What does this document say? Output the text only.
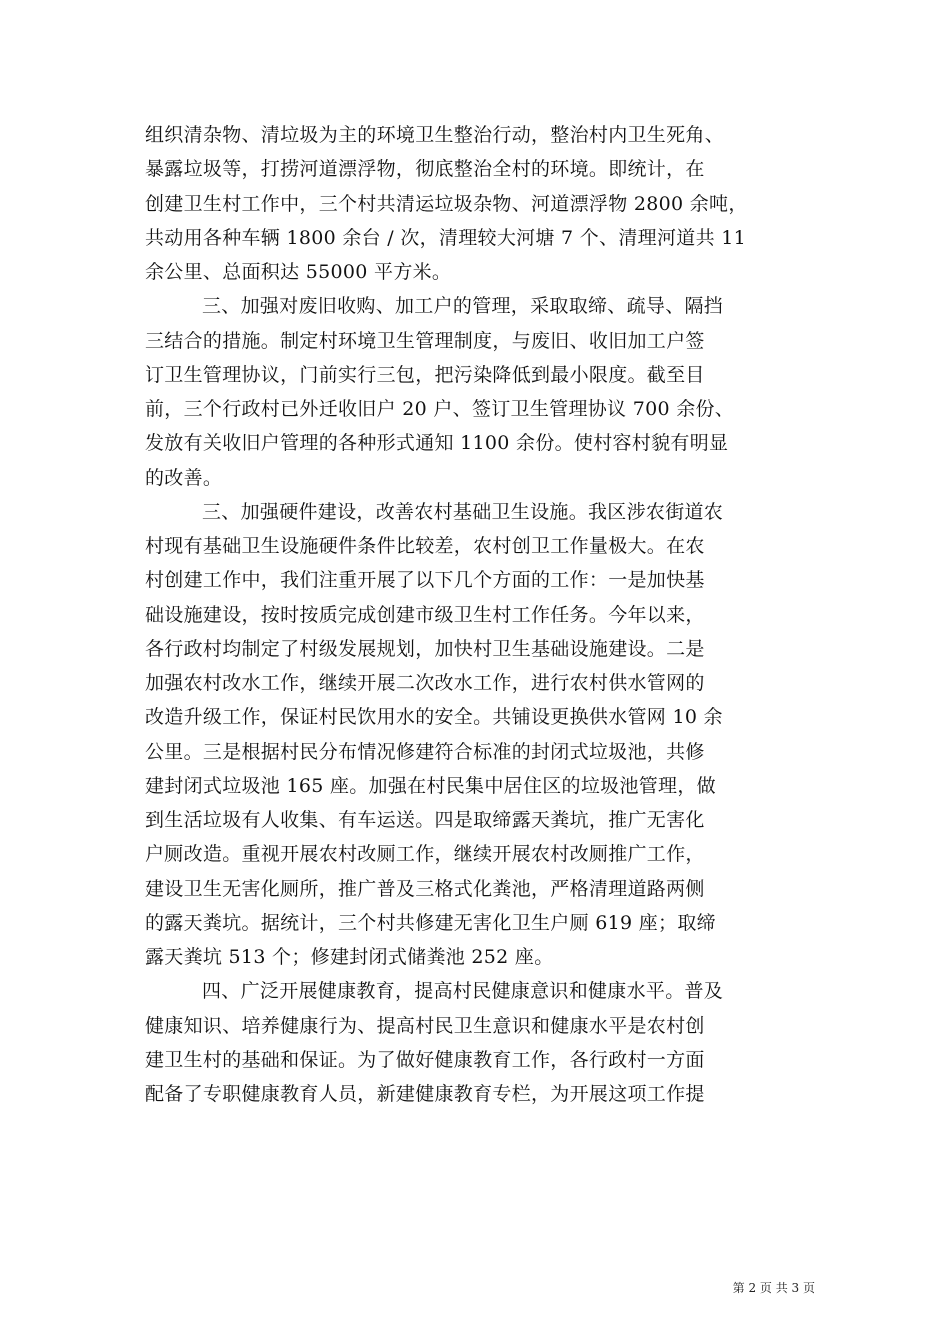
组织清杂物、清垃圾为主的环境卫生整治行动，整治村内卫生死角、
暴露垃圾等，打捞河道漂浮物，彻底整治全村的环境。即统计，在
创建卫生村工作中，三个村共清运垃圾杂物、河道漂浮物 2800 余吨，
共动用各种车辆 1800 余台 / 次，清理较大河塘 7 个、清理河道共 11
余公里、总面积达 55000 平方米。
三、加强对废旧收购、加工户的管理，采取取缔、疏导、隔挡
三结合的措施。制定村环境卫生管理制度，与废旧、收旧加工户签
订卫生管理协议，门前实行三包，把污染降低到最小限度。截至目
前，三个行政村已外迁收旧户 20 户、签订卫生管理协议 700 余份、
发放有关收旧户管理的各种形式通知 1100 余份。使村容村貌有明显
的改善。
三、加强硬件建设，改善农村基础卫生设施。我区涉农街道农
村现有基础卫生设施硬件条件比较差，农村创卫工作量极大。在农
村创建工作中，我们注重开展了以下几个方面的工作：一是加快基
础设施建设，按时按质完成创建市级卫生村工作任务。今年以来，
各行政村均制定了村级发展规划，加快村卫生基础设施建设。二是
加强农村改水工作，继续开展二次改水工作，进行农村供水管网的
改造升级工作，保证村民饮用水的安全。共铺设更换供水管网 10 余
公里。三是根据村民分布情况修建符合标准的封闭式垃圾池，共修
建封闭式垃圾池 165 座。加强在村民集中居住区的垃圾池管理，做
到生活垃圾有人收集、有车运送。四是取缔露天粪坑，推广无害化
户厕改造。重视开展农村改厕工作，继续开展农村改厕推广工作，
建设卫生无害化厕所，推广普及三格式化粪池，严格清理道路两侧
的露天粪坑。据统计，三个村共修建无害化卫生户厕 619 座；取缔
露天粪坑 513 个；修建封闭式储粪池 252 座。
四、广泛开展健康教育，提高村民健康意识和健康水平。普及
健康知识、培养健康行为、提高村民卫生意识和健康水平是农村创
建卫生村的基础和保证。为了做好健康教育工作，各行政村一方面
配备了专职健康教育人员，新建健康教育专栏，为开展这项工作提
第 2 页 共 3 页
